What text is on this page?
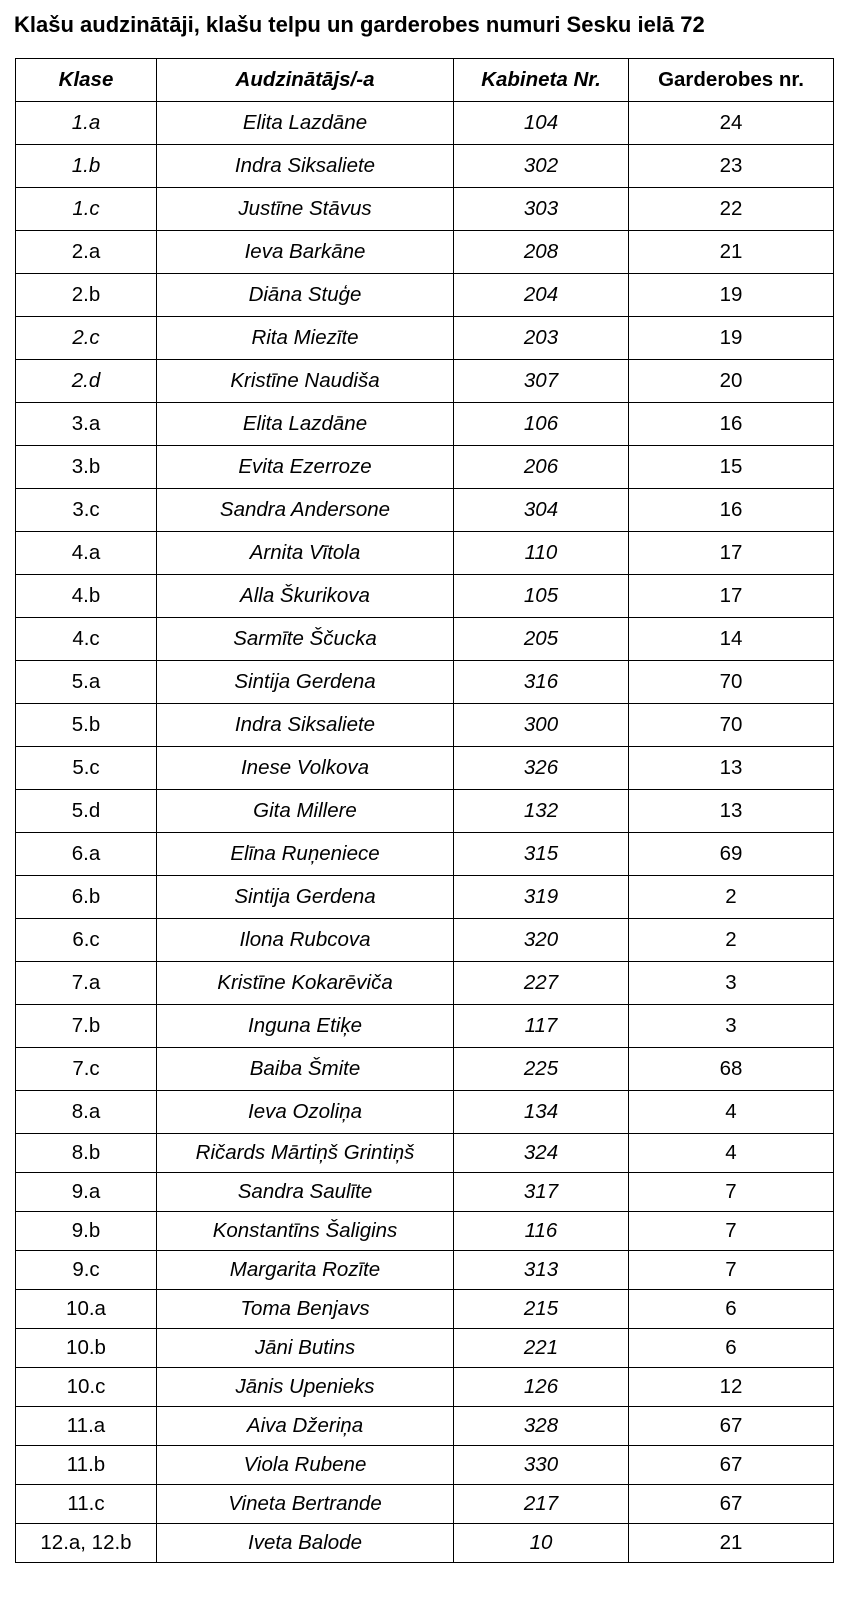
Klašu audzinātāji, klašu telpu un garderobes numuri Sesku ielā 72
Klase	Audzinātājs/-a	Kabineta Nr.	Garderobes nr.
1.a	Elita Lazdāne	104	24
1.b	Indra Siksaliete	302	23
1.c	Justīne Stāvus	303	22
2.a	Ieva Barkāne	208	21
2.b	Diāna Stuģe	204	19
2.c	Rita Miezīte	203	19
2.d	Kristīne Naudiša	307	20
3.a	Elita Lazdāne	106	16
3.b	Evita Ezerroze	206	15
3.c	Sandra Andersone	304	16
4.a	Arnita Vītola	110	17
4.b	Alla Škurikova	105	17
4.c	Sarmīte Ščucka	205	14
5.a	Sintija Gerdena	316	70
5.b	Indra Siksaliete	300	70
5.c	Inese Volkova	326	13
5.d	Gita Millere	132	13
6.a	Elīna Ruņeniece	315	69
6.b	Sintija Gerdena	319	2
6.c	Ilona Rubcova	320	2
7.a	Kristīne Kokarēviča	227	3
7.b	Inguna Etiķe	117	3
7.c	Baiba Šmite	225	68
8.a	Ieva Ozoliņa	134	4
8.b	Ričards Mārtiņš Grintiņš	324	4
9.a	Sandra Saulīte	317	7
9.b	Konstantīns Šaligins	116	7
9.c	Margarita Rozīte	313	7
10.a	Toma Benjavs	215	6
10.b	Jāni Butins	221	6
10.c	Jānis Upenieks	126	12
11.a	Aiva Džeriņa	328	67
11.b	Viola Rubene	330	67
11.c	Vineta Bertrande	217	67
12.a, 12.b	Iveta Balode	10	21
